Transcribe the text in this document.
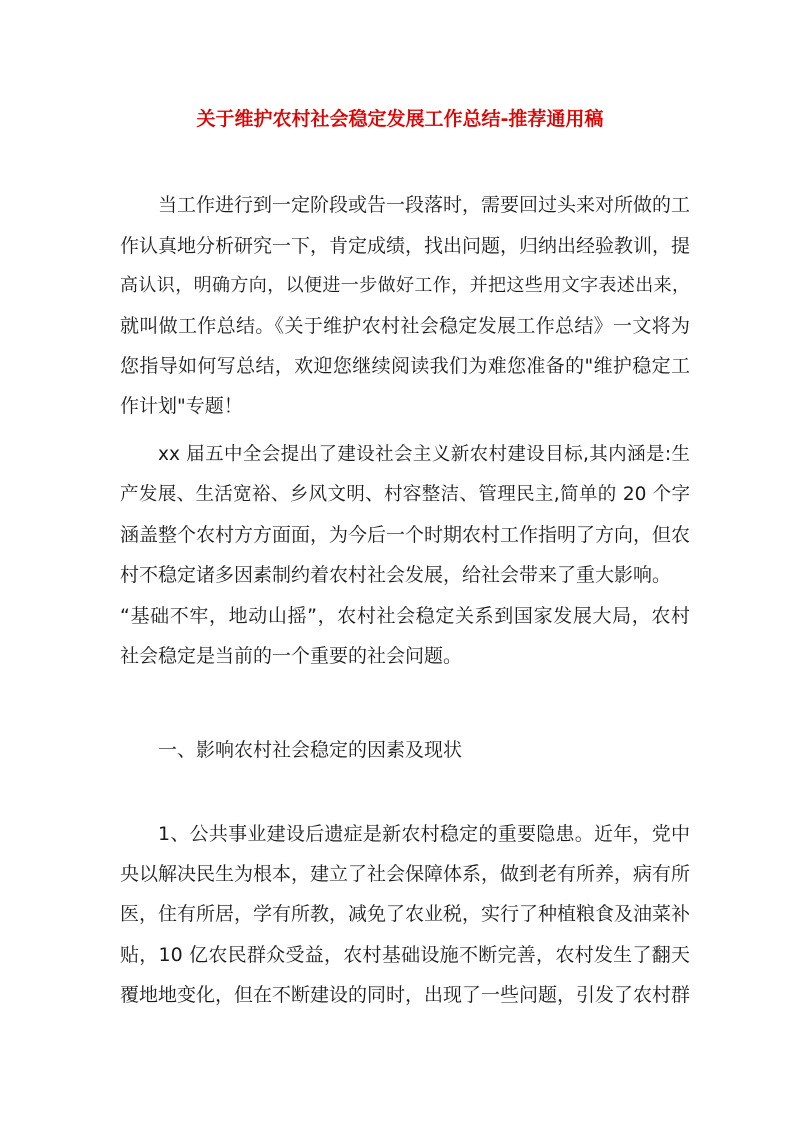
关于维护农村社会稳定发展工作总结-推荐通用稿

当工作进行到一定阶段或告一段落时，需要回过头来对所做的工

作认真地分析研究一下，肯定成绩，找出问题，归纳出经验教训，提

高认识，明确方向，以便进一步做好工作，并把这些用文字表述出来，

就叫做工作总结。《关于维护农村社会稳定发展工作总结》一文将为

您指导如何写总结，欢迎您继续阅读我们为难您准备的"维护稳定工

作计划"专题！

xx 届五中全会提出了建设社会主义新农村建设目标,其内涵是:生

产发展、生活宽裕、乡风文明、村容整洁、管理民主,简单的 20 个字

涵盖整个农村方方面面，为今后一个时期农村工作指明了方向，但农

村不稳定诸多因素制约着农村社会发展，给社会带来了重大影响。

“基础不牢，地动山摇”，农村社会稳定关系到国家发展大局，农村

社会稳定是当前的一个重要的社会问题。

一、影响农村社会稳定的因素及现状

1、公共事业建设后遗症是新农村稳定的重要隐患。近年，党中

央以解决民生为根本，建立了社会保障体系，做到老有所养，病有所

医，住有所居，学有所教，减免了农业税，实行了种植粮食及油菜补

贴，10 亿农民群众受益，农村基础设施不断完善，农村发生了翻天

覆地地变化，但在不断建设的同时，出现了一些问题，引发了农村群
